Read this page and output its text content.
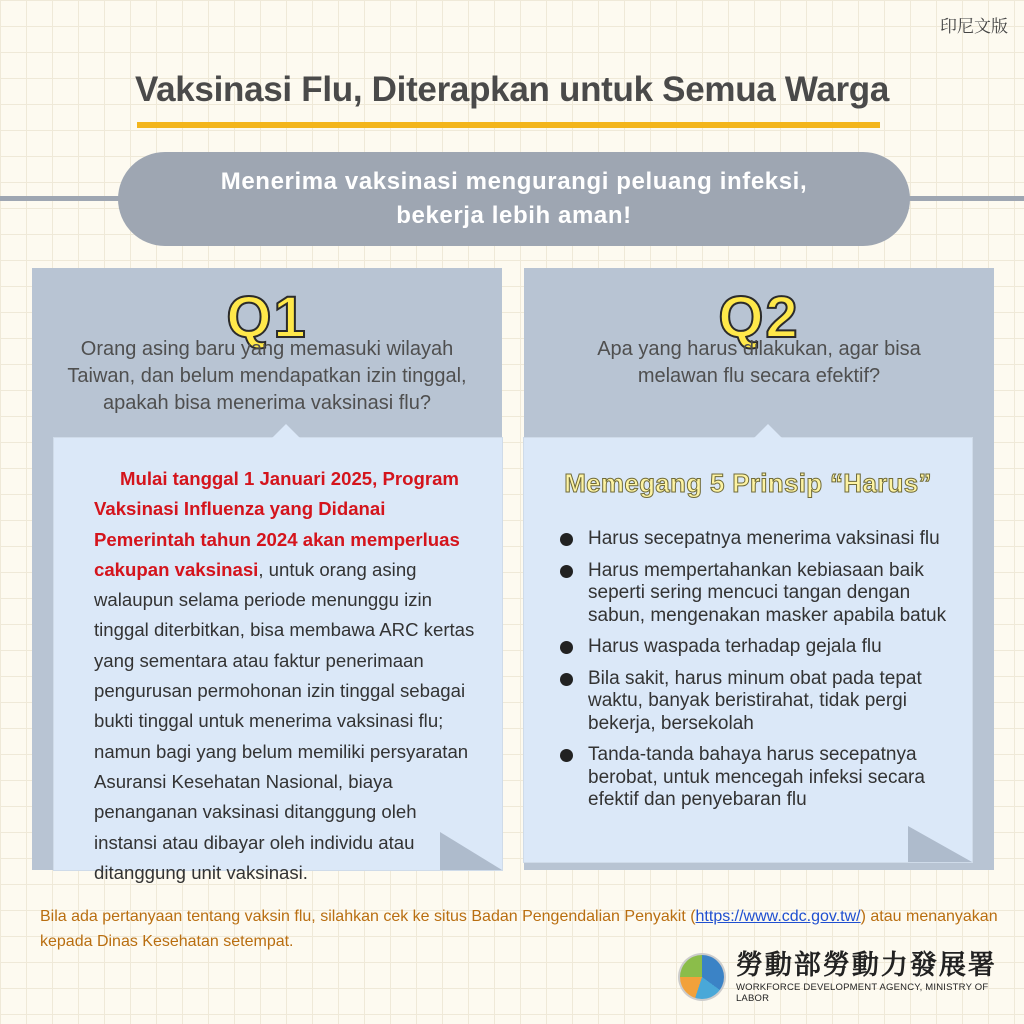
印尼文版
Vaksinasi Flu, Diterapkan untuk Semua Warga
Menerima vaksinasi mengurangi peluang infeksi,
bekerja lebih aman!
Q1
Orang asing baru yang memasuki wilayah
Taiwan, dan belum mendapatkan izin tinggal,
apakah bisa menerima vaksinasi flu?
Mulai tanggal 1 Januari 2025, Program Vaksinasi Influenza yang Didanai Pemerintah tahun 2024 akan memperluas cakupan vaksinasi, untuk orang asing walaupun selama periode menunggu izin tinggal diterbitkan, bisa membawa ARC kertas yang sementara atau faktur penerimaan pengurusan permohonan izin tinggal sebagai bukti tinggal untuk menerima vaksinasi flu; namun bagi yang belum memiliki persyaratan Asuransi Kesehatan Nasional, biaya penanganan vaksinasi ditanggung oleh instansi atau dibayar oleh individu atau ditanggung unit vaksinasi.
Q2
Apa yang harus dilakukan, agar bisa
melawan flu secara efektif?
Memegang 5 Prinsip “Harus”
Harus secepatnya menerima vaksinasi flu
Harus mempertahankan kebiasaan baik seperti sering mencuci tangan dengan sabun, mengenakan masker apabila batuk
Harus waspada terhadap gejala flu
Bila sakit, harus minum obat pada tepat waktu, banyak beristirahat, tidak pergi bekerja, bersekolah
Tanda-tanda bahaya harus secepatnya berobat, untuk mencegah infeksi secara efektif dan penyebaran flu
Bila ada pertanyaan tentang vaksin flu, silahkan cek ke situs Badan Pengendalian Penyakit (https://www.cdc.gov.tw/) atau menanyakan kepada Dinas Kesehatan setempat.
勞動部勞動力發展署
WORKFORCE DEVELOPMENT AGENCY, MINISTRY OF LABOR
